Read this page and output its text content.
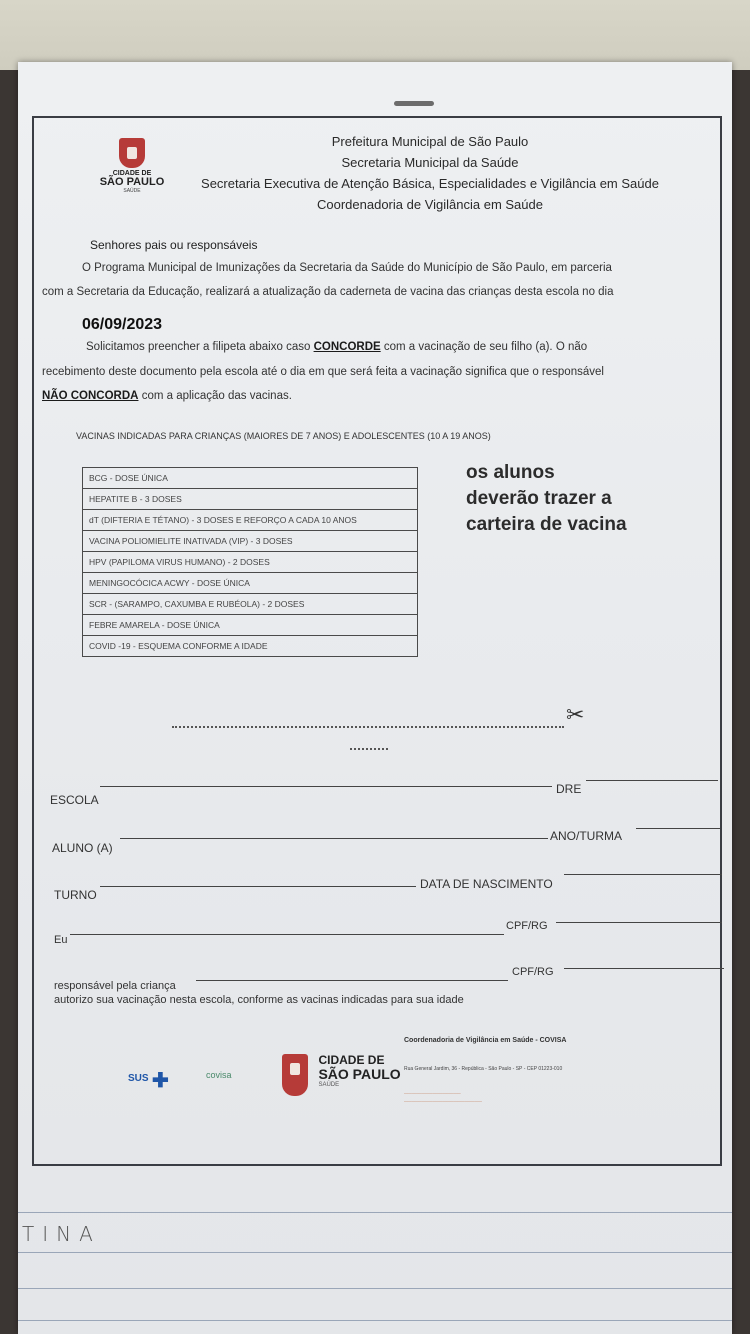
CIDADE DE
SÃO PAULO
SAÚDE
Prefeitura Municipal de São Paulo
Secretaria Municipal da Saúde
Secretaria Executiva de Atenção Básica, Especialidades e Vigilância em Saúde
Coordenadoria de Vigilância em Saúde

Senhores pais ou responsáveis

O Programa Municipal de Imunizações da Secretaria da Saúde do Município de São Paulo, em parceria

com a Secretaria da Educação, realizará a atualização da caderneta de vacina das crianças desta escola no dia

06/09/2023

Solicitamos preencher a filipeta abaixo caso CONCORDE com a vacinação de seu filho (a). O não

recebimento deste documento pela escola até o dia em que será feita a vacinação significa que o responsável

NÃO CONCORDA com a aplicação das vacinas.

VACINAS INDICADAS PARA CRIANÇAS (MAIORES DE 7 ANOS) E ADOLESCENTES (10 A 19 ANOS)
BCG - DOSE ÚNICA
HEPATITE B - 3 DOSES
dT (DIFTERIA E TÉTANO) - 3 DOSES E REFORÇO A CADA 10 ANOS
VACINA POLIOMIELITE INATIVADA (VIP) - 3 DOSES
HPV (PAPILOMA VIRUS HUMANO) - 2 DOSES
MENINGOCÓCICA ACWY - DOSE ÚNICA
SCR - (SARAMPO, CAXUMBA E RUBÉOLA) - 2 DOSES
FEBRE AMARELA - DOSE ÚNICA
COVID -19 - ESQUEMA CONFORME A IDADE
os alunos
deverão trazer a
carteira de vacina
✂
ESCOLA
DRE
ALUNO (A)
ANO/TURMA
TURNO
DATA DE NASCIMENTO
Eu
CPF/RG
responsável pela criança
CPF/RG
autorizo sua vacinação nesta escola, conforme as vacinas indicadas para sua idade
Coordenadoria de Vigilância em Saúde - COVISA
Rua General Jardim, 36 - República - São Paulo - SP - CEP 01223-010
────────────────
──────────────────────
SUS ✚	covisa

CIDADE DE
SÃO PAULO
SAÚDE
TINA
